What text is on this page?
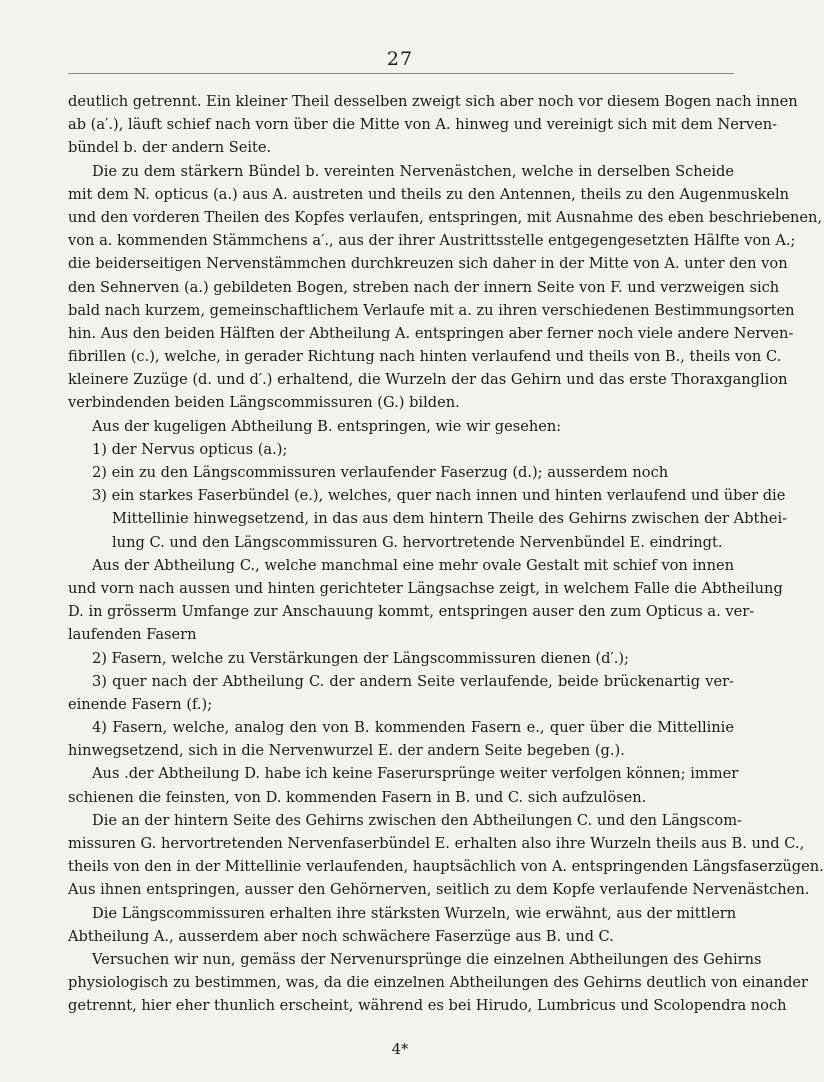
27
deutlich getrennt. Ein kleiner Theil desselben zweigt sich aber noch vor diesem Bogen nach innen
ab (a′.), läuft schief nach vorn über die Mitte von A. hinweg und vereinigt sich mit dem Nerven-
bündel b. der andern Seite.
Die zu dem stärkern Bündel b. vereinten Nervenästchen, welche in derselben Scheide
mit dem N. opticus (a.) aus A. austreten und theils zu den Antennen, theils zu den Augenmuskeln
und den vorderen Theilen des Kopfes verlaufen, entspringen, mit Ausnahme des eben beschriebenen,
von a. kommenden Stämmchens a′., aus der ihrer Austrittsstelle entgegengesetzten Hälfte von A.;
die beiderseitigen Nervenstämmchen durchkreuzen sich daher in der Mitte von A. unter den von
den Sehnerven (a.) gebildeten Bogen, streben nach der innern Seite von F. und verzweigen sich
bald nach kurzem, gemeinschaftlichem Verlaufe mit a. zu ihren verschiedenen Bestimmungsorten
hin. Aus den beiden Hälften der Abtheilung A. entspringen aber ferner noch viele andere Nerven-
fibrillen (c.), welche, in gerader Richtung nach hinten verlaufend und theils von B., theils von C.
kleinere Zuzüge (d. und d′.) erhaltend, die Wurzeln der das Gehirn und das erste Thoraxganglion
verbindenden beiden Längscommissuren (G.) bilden.
Aus der kugeligen Abtheilung B. entspringen, wie wir gesehen:
1) der Nervus opticus (a.);
2) ein zu den Längscommissuren verlaufender Faserzug (d.); ausserdem noch
3) ein starkes Faserbündel (e.), welches, quer nach innen und hinten verlaufend und über die
Mittellinie hinwegsetzend, in das aus dem hintern Theile des Gehirns zwischen der Abthei-
lung C. und den Längscommissuren G. hervortretende Nervenbündel E. eindringt.
Aus der Abtheilung C., welche manchmal eine mehr ovale Gestalt mit schief von innen
und vorn nach aussen und hinten gerichteter Längsachse zeigt, in welchem Falle die Abtheilung
D. in grösserm Umfange zur Anschauung kommt, entspringen auser den zum Opticus a. ver-
laufenden Fasern
2) Fasern, welche zu Verstärkungen der Längscommissuren dienen (d′.);
3) quer nach der Abtheilung C. der andern Seite verlaufende, beide brückenartig ver-
einende Fasern (f.);
4) Fasern, welche, analog den von B. kommenden Fasern e., quer über die Mittellinie
hinwegsetzend, sich in die Nervenwurzel E. der andern Seite begeben (g.).
Aus .der Abtheilung D. habe ich keine Faserursprünge weiter verfolgen können; immer
schienen die feinsten, von D. kommenden Fasern in B. und C. sich aufzulösen.
Die an der hintern Seite des Gehirns zwischen den Abtheilungen C. und den Längscom-
missuren G. hervortretenden Nervenfaserbündel E. erhalten also ihre Wurzeln theils aus B. und C.,
theils von den in der Mittellinie verlaufenden, hauptsächlich von A. entspringenden Längsfaserzügen.
Aus ihnen entspringen, ausser den Gehörnerven, seitlich zu dem Kopfe verlaufende Nervenästchen.
Die Längscommissuren erhalten ihre stärksten Wurzeln, wie erwähnt, aus der mittlern
Abtheilung A., ausserdem aber noch schwächere Faserzüge aus B. und C.
Versuchen wir nun, gemäss der Nervenursprünge die einzelnen Abtheilungen des Gehirns
physiologisch zu bestimmen, was, da die einzelnen Abtheilungen des Gehirns deutlich von einander
getrennt, hier eher thunlich erscheint, während es bei Hirudo, Lumbricus und Scolopendra noch
4*
